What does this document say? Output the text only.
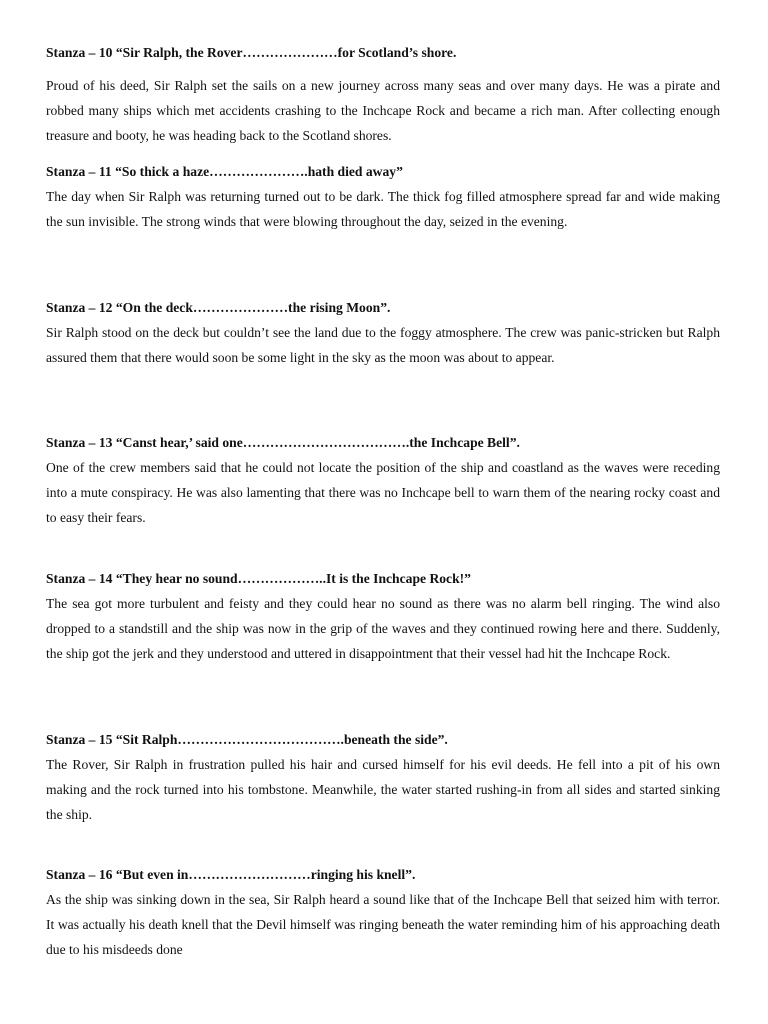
Stanza – 10 “Sir Ralph, the Rover…………………for Scotland’s shore.

Proud of his deed, Sir Ralph set the sails on a new journey across many seas and over many days. He was a pirate and robbed many ships which met accidents crashing to the Inchcape Rock and became a rich man. After collecting enough treasure and booty, he was heading back to the Scotland shores.

Stanza – 11 “So thick a haze………………….hath died away”

The day when Sir Ralph was returning turned out to be dark. The thick fog filled atmosphere spread far and wide making the sun invisible. The strong winds that were blowing throughout the day, seized in the evening.

Stanza – 12 “On the deck…………………the rising Moon”.

Sir Ralph stood on the deck but couldn’t see the land due to the foggy atmosphere. The crew was panic-stricken but Ralph assured them that there would soon be some light in the sky as the moon was about to appear.

Stanza – 13 “Canst hear,’ said one……………………………….the Inchcape Bell”.

One of the crew members said that he could not locate the position of the ship and coastland as the waves were receding into a mute conspiracy. He was also lamenting that there was no Inchcape bell to warn them of the nearing rocky coast and to easy their fears.

Stanza – 14 “They hear no sound………………..It is the Inchcape Rock!”

The sea got more turbulent and feisty and they could hear no sound as there was no alarm bell ringing. The wind also dropped to a standstill and the ship was now in the grip of the waves and they continued rowing here and there. Suddenly, the ship got the jerk and they understood and uttered in disappointment that their vessel had hit the Inchcape Rock.

Stanza – 15 “Sit Ralph……………………………….beneath the side”.

The Rover, Sir Ralph in frustration pulled his hair and cursed himself for his evil deeds. He fell into a pit of his own making and the rock turned into his tombstone. Meanwhile, the water started rushing-in from all sides and started sinking the ship.

Stanza – 16 “But even in………………………ringing his knell”.

As the ship was sinking down in the sea, Sir Ralph heard a sound like that of the Inchcape Bell that seized him with terror. It was actually his death knell that the Devil himself was ringing beneath the water reminding him of his approaching death due to his misdeeds done
